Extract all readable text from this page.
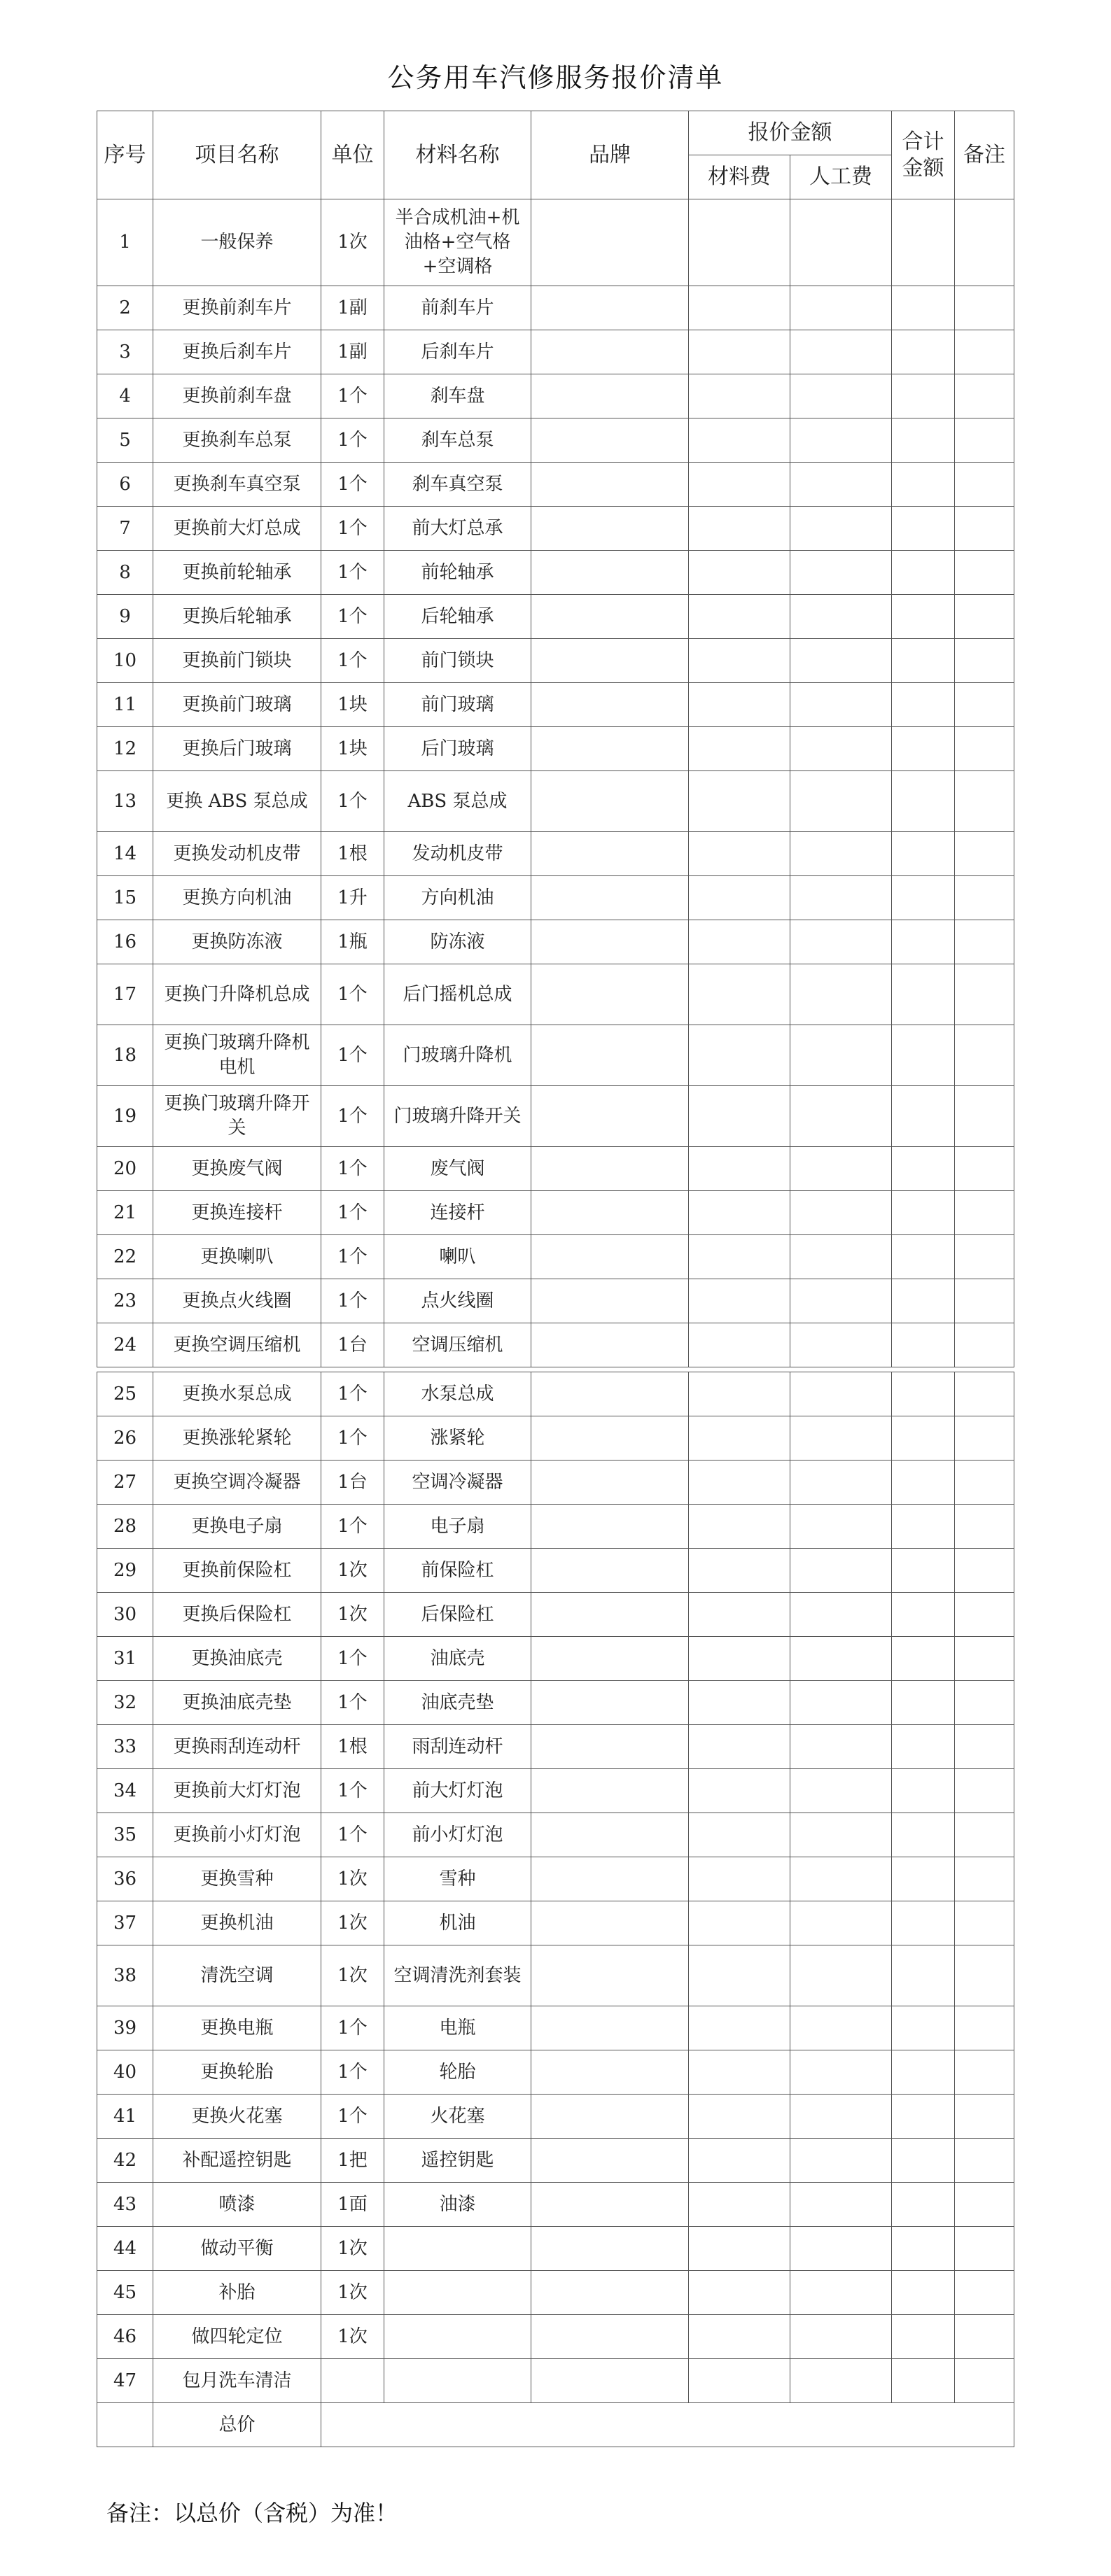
公务用车汽修服务报价清单
序号	项目名称	单位	材料名称	品牌	报价金额		合计金额	备注
					材料费	人工费		
1	一般保养	1次	半合成机油+机油格+空气格+空调格					
2	更换前刹车片	1副	前刹车片					
3	更换后刹车片	1副	后刹车片					
4	更换前刹车盘	1个	刹车盘					
5	更换刹车总泵	1个	刹车总泵					
6	更换刹车真空泵	1个	刹车真空泵					
7	更换前大灯总成	1个	前大灯总承					
8	更换前轮轴承	1个	前轮轴承					
9	更换后轮轴承	1个	后轮轴承					
10	更换前门锁块	1个	前门锁块					
11	更换前门玻璃	1块	前门玻璃					
12	更换后门玻璃	1块	后门玻璃					
13	更换 ABS 泵总成	1个	ABS 泵总成					
14	更换发动机皮带	1根	发动机皮带					
15	更换方向机油	1升	方向机油					
16	更换防冻液	1瓶	防冻液					
17	更换门升降机总成	1个	后门摇机总成					
18	更换门玻璃升降机电机	1个	门玻璃升降机					
19	更换门玻璃升降开关	1个	门玻璃升降开关					
20	更换废气阀	1个	废气阀					
21	更换连接杆	1个	连接杆					
22	更换喇叭	1个	喇叭					
23	更换点火线圈	1个	点火线圈					
24	更换空调压缩机	1台	空调压缩机					
25	更换水泵总成	1个	水泵总成					
26	更换涨轮紧轮	1个	涨紧轮					
27	更换空调冷凝器	1台	空调冷凝器					
28	更换电子扇	1个	电子扇					
29	更换前保险杠	1次	前保险杠					
30	更换后保险杠	1次	后保险杠					
31	更换油底壳	1个	油底壳					
32	更换油底壳垫	1个	油底壳垫					
33	更换雨刮连动杆	1根	雨刮连动杆					
34	更换前大灯灯泡	1个	前大灯灯泡					
35	更换前小灯灯泡	1个	前小灯灯泡					
36	更换雪种	1次	雪种					
37	更换机油	1次	机油					
38	清洗空调	1次	空调清洗剂套装					
39	更换电瓶	1个	电瓶					
40	更换轮胎	1个	轮胎					
41	更换火花塞	1个	火花塞					
42	补配遥控钥匙	1把	遥控钥匙					
43	喷漆	1面	油漆					
44	做动平衡	1次						
45	补胎	1次						
46	做四轮定位	1次						
47	包月洗车清洁							
	总价							
备注：以总价（含税）为准！
